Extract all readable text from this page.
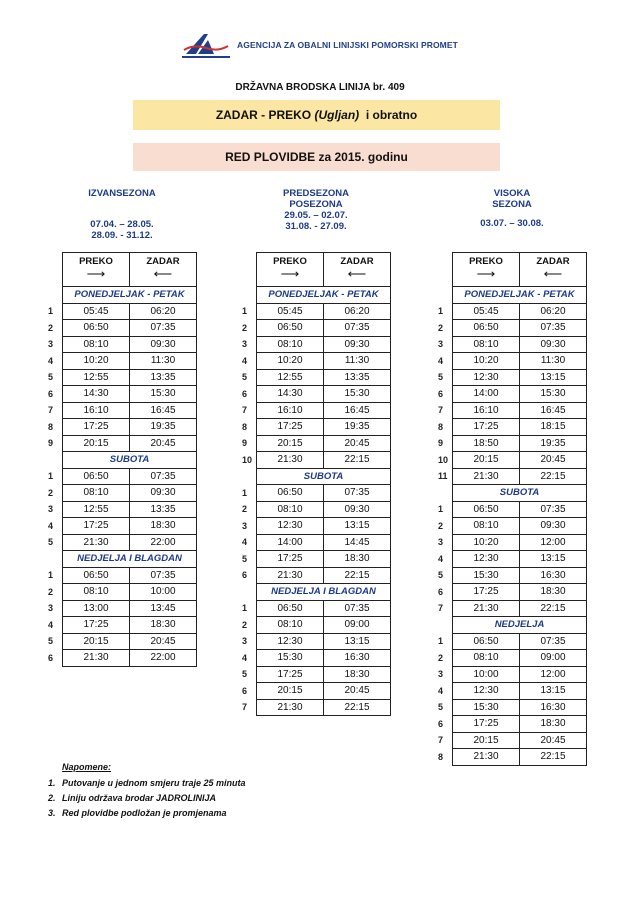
AGENCIJA ZA OBALNI LINIJSKI POMORSKI PROMET
DRŽAVNA BRODSKA LINIJA br. 409
ZADAR - PREKO (Ugljan) i obratno
RED PLOVIDBE za 2015. godinu
IZVANSEZONA
07.04. – 28.05.
28.09. - 31.12.
	PREKO
⟶	ZADAR
⟵

	PONEDJELJAK - PETAK	
1	05:45	06:20
2	06:50	07:35
3	08:10	09:30
4	10:20	11:30
5	12:55	13:35
6	14:30	15:30
7	16:10	16:45
8	17:25	19:35
9	20:15	20:45
	SUBOTA	
1	06:50	07:35
2	08:10	09:30
3	12:55	13:35
4	17:25	18:30
5	21:30	22:00
	NEDJELJA I BLAGDAN	
1	06:50	07:35
2	08:10	10:00
3	13:00	13:45
4	17:25	18:30
5	20:15	20:45
6	21:30	22:00
PREDSEZONA
POSEZONA
29.05. – 02.07.
31.08. - 27.09.
	PREKO
⟶	ZADAR
⟵

	PONEDJELJAK - PETAK	
1	05:45	06:20
2	06:50	07:35
3	08:10	09:30
4	10:20	11:30
5	12:55	13:35
6	14:30	15:30
7	16:10	16:45
8	17:25	19:35
9	20:15	20:45
10	21:30	22:15
	SUBOTA	
1	06:50	07:35
2	08:10	09:30
3	12:30	13:15
4	14:00	14:45
5	17:25	18:30
6	21:30	22:15
	NEDJELJA I BLAGDAN	
1	06:50	07:35
2	08:10	09:00
3	12:30	13:15
4	15:30	16:30
5	17:25	18:30
6	20:15	20:45
7	21:30	22:15
VISOKA
SEZONA
03.07. – 30.08.
	PREKO
⟶	ZADAR
⟵

	PONEDJELJAK - PETAK	
1	05:45	06:20
2	06:50	07:35
3	08:10	09:30
4	10:20	11:30
5	12:30	13:15
6	14:00	15:30
7	16:10	16:45
8	17:25	18:15
9	18:50	19:35
10	20:15	20:45
11	21:30	22:15
	SUBOTA	
1	06:50	07:35
2	08:10	09:30
3	10:20	12:00
4	12:30	13:15
5	15:30	16:30
6	17:25	18:30
7	21:30	22:15
	NEDJELJA	
1	06:50	07:35
2	08:10	09:00
3	10:00	12:00
4	12:30	13:15
5	15:30	16:30
6	17:25	18:30
7	20:15	20:45
8	21:30	22:15
Napomene:
1. Putovanje u jednom smjeru traje 25 minuta
2. Liniju održava brodar JADROLINIJA
3. Red plovidbe podložan je promjenama
